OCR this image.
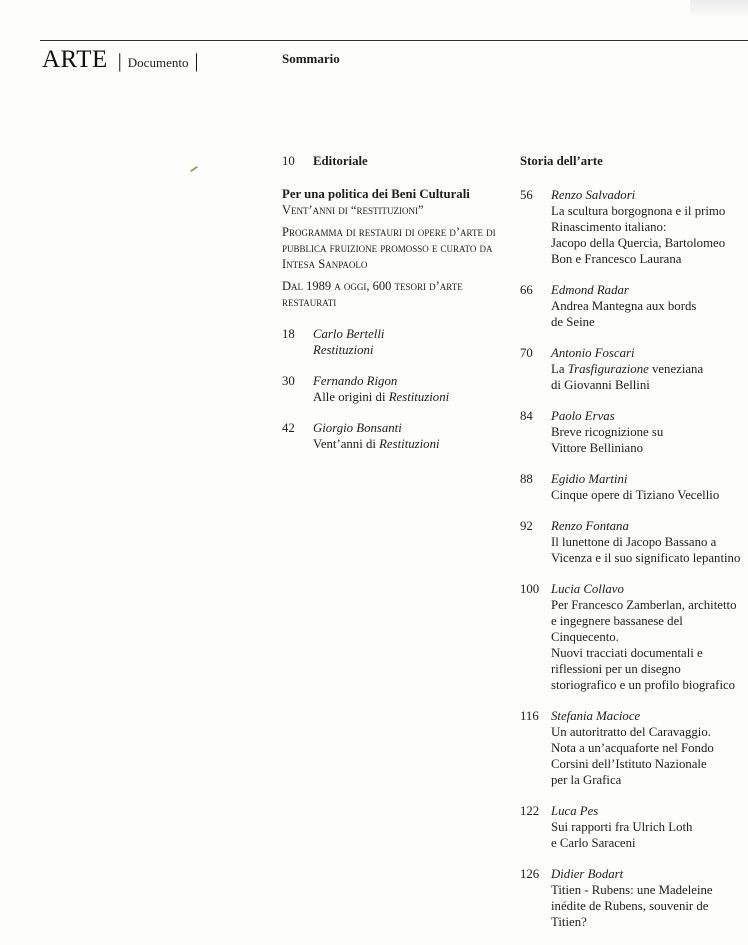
ARTE | Documento |	Sommario
10 Editoriale
Per una politica dei Beni Culturali
Vent’anni di “restituzioni”
Programma di restauri di opere d’arte di pubblica fruizione promosso e curato da Intesa Sanpaolo
Dal 1989 a oggi, 600 tesori d’arte restaurati
18	Carlo Bertelli
Restituzioni
30	Fernando Rigon
Alle origini di Restituzioni
42	Giorgio Bonsanti
Vent’anni di Restituzioni
Storia dell’arte
56	Renzo Salvadori
La scultura borgognona e il primo
Rinascimento italiano:
Jacopo della Quercia, Bartolomeo
Bon e Francesco Laurana
66	Edmond Radar
Andrea Mantegna aux bords
de Seine
70	Antonio Foscari
La Trasfigurazione veneziana
di Giovanni Bellini
84	Paolo Ervas
Breve ricognizione su
Vittore Belliniano
88	Egidio Martini
Cinque opere di Tiziano Vecellio
92	Renzo Fontana
Il lunettone di Jacopo Bassano a
Vicenza e il suo significato lepantino
100 Lucia Collavo
Per Francesco Zamberlan, architetto
e ingegnere bassanese del
Cinquecento.
Nuovi tracciati documentali e
riflessioni per un disegno
storiografico e un profilo biografico
116 Stefania Macioce
Un autoritratto del Caravaggio.
Nota a un’acquaforte nel Fondo
Corsini dell’Istituto Nazionale
per la Grafica
122 Luca Pes
Sui rapporti fra Ulrich Loth
e Carlo Saraceni
126 Didier Bodart
Titien - Rubens: une Madeleine
inédite de Rubens, souvenir de
Titien?
